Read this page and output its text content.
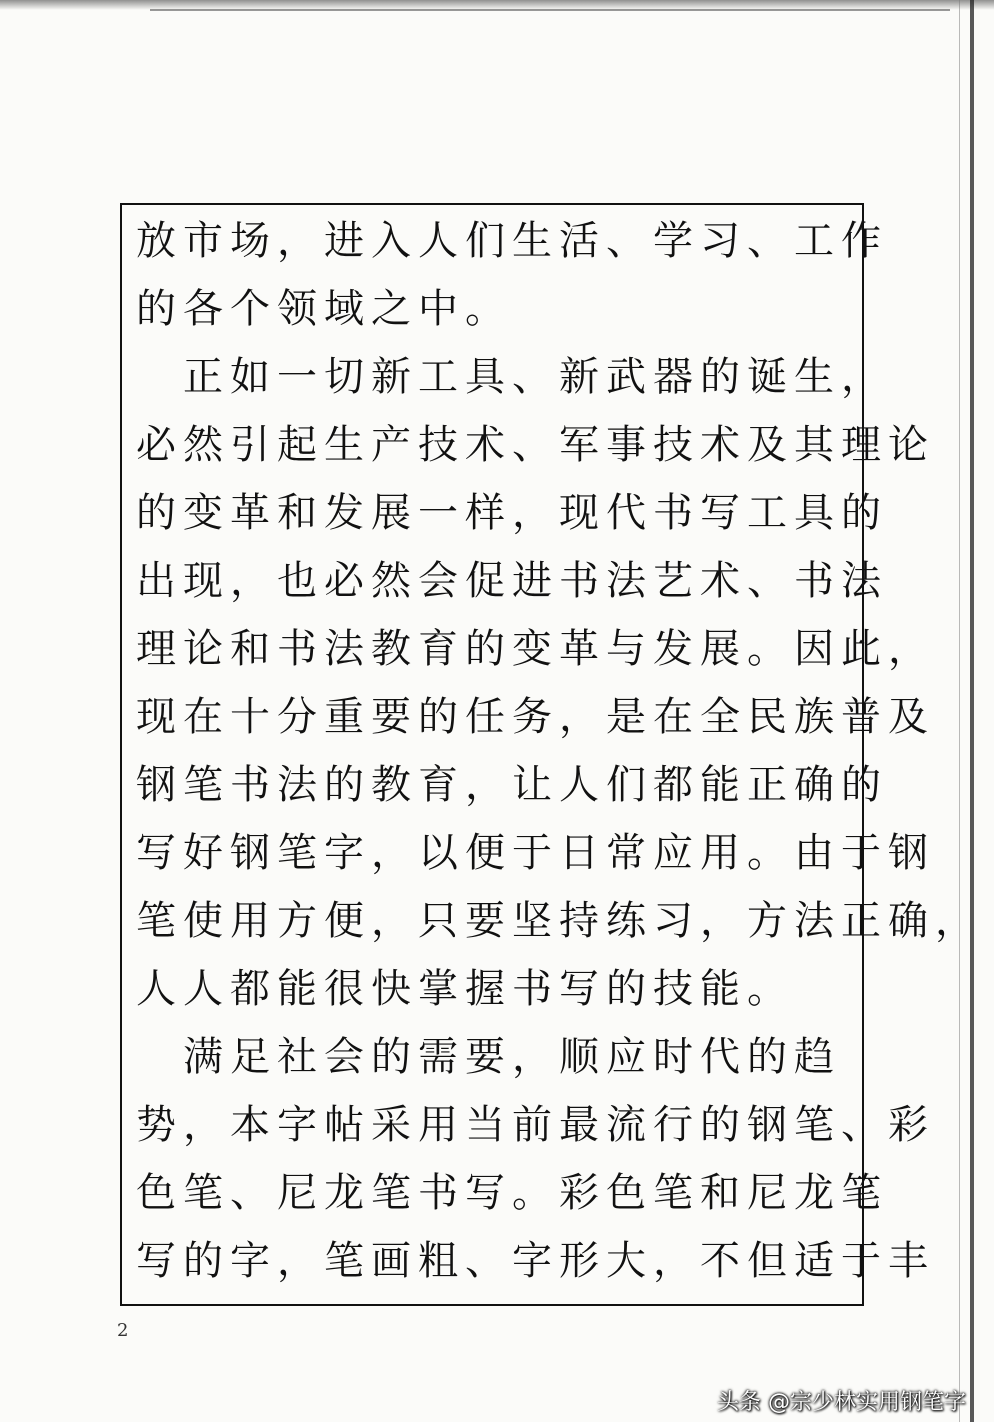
放市场，进入人们生活、学习、工作
的各个领域之中。
　正如一切新工具、新武器的诞生，
必然引起生产技术、军事技术及其理论
的变革和发展一样，现代书写工具的
出现，也必然会促进书法艺术、书法
理论和书法教育的变革与发展。因此，
现在十分重要的任务，是在全民族普及
钢笔书法的教育，让人们都能正确的
写好钢笔字，以便于日常应用。由于钢
笔使用方便，只要坚持练习，方法正确，
人人都能很快掌握书写的技能。
　满足社会的需要，顺应时代的趋
势，本字帖采用当前最流行的钢笔、彩
色笔、尼龙笔书写。彩色笔和尼龙笔
写的字，笔画粗、字形大，不但适于丰
2
头条 @宗少林实用钢笔字
